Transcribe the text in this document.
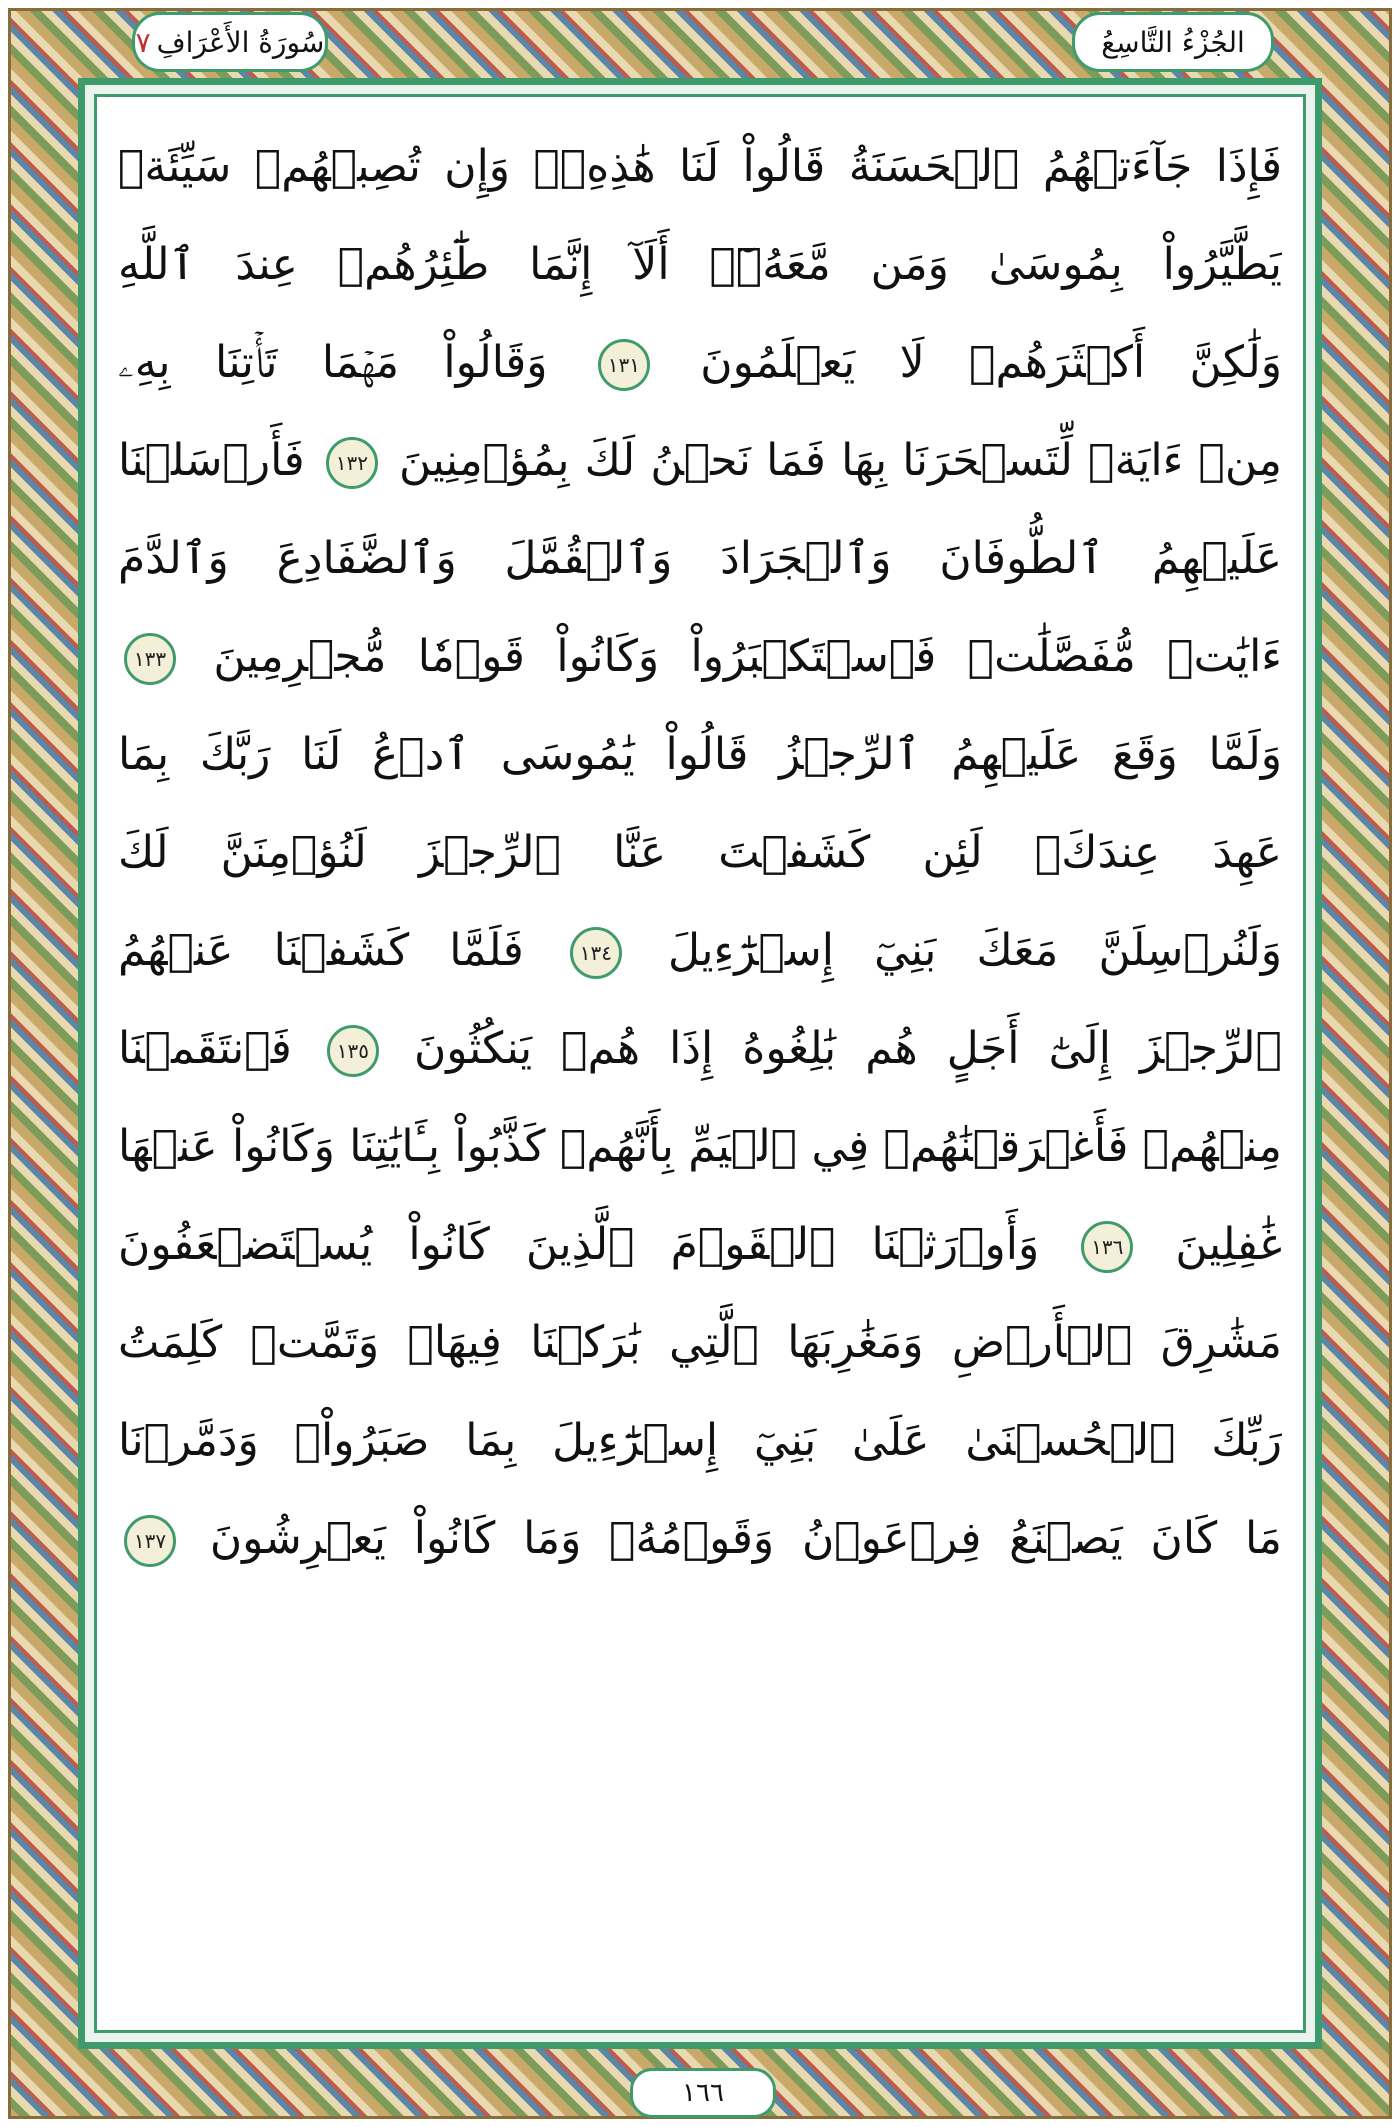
الجُزْءُ التَّاسِعُ
سُورَةُ الأَعْرَافِ
٧
فَإِذَا جَآءَتۡهُمُ ٱلۡحَسَنَةُ قَالُواْ لَنَا هَٰذِهِۦۖ وَإِن تُصِبۡهُمۡ سَيِّئَةٞ
يَطَّيَّرُواْ بِمُوسَىٰ وَمَن مَّعَهُۥٓۗ أَلَآ إِنَّمَا طَٰٓئِرُهُمۡ عِندَ ٱللَّهِ
وَلَٰكِنَّ أَكۡثَرَهُمۡ لَا يَعۡلَمُونَ ١٣١ وَقَالُواْ مَهۡمَا تَأۡتِنَا بِهِۦ
مِنۡ ءَايَةٖ لِّتَسۡحَرَنَا بِهَا فَمَا نَحۡنُ لَكَ بِمُؤۡمِنِينَ ١٣٢ فَأَرۡسَلۡنَا
عَلَيۡهِمُ ٱلطُّوفَانَ وَٱلۡجَرَادَ وَٱلۡقُمَّلَ وَٱلضَّفَادِعَ وَٱلدَّمَ
ءَايَٰتٖ مُّفَصَّلَٰتٖ فَٱسۡتَكۡبَرُواْ وَكَانُواْ قَوۡمٗا مُّجۡرِمِينَ ١٣٣
وَلَمَّا وَقَعَ عَلَيۡهِمُ ٱلرِّجۡزُ قَالُواْ يَٰمُوسَى ٱدۡعُ لَنَا رَبَّكَ بِمَا
عَهِدَ عِندَكَۖ لَئِن كَشَفۡتَ عَنَّا ٱلرِّجۡزَ لَنُؤۡمِنَنَّ لَكَ
وَلَنُرۡسِلَنَّ مَعَكَ بَنِيٓ إِسۡرَٰٓءِيلَ ١٣٤ فَلَمَّا كَشَفۡنَا عَنۡهُمُ
ٱلرِّجۡزَ إِلَىٰٓ أَجَلٍ هُم بَٰلِغُوهُ إِذَا هُمۡ يَنكُثُونَ ١٣٥ فَٱنتَقَمۡنَا
مِنۡهُمۡ فَأَغۡرَقۡنَٰهُمۡ فِي ٱلۡيَمِّ بِأَنَّهُمۡ كَذَّبُواْ بِـَٔايَٰتِنَا وَكَانُواْ عَنۡهَا
غَٰفِلِينَ ١٣٦ وَأَوۡرَثۡنَا ٱلۡقَوۡمَ ٱلَّذِينَ كَانُواْ يُسۡتَضۡعَفُونَ
مَشَٰرِقَ ٱلۡأَرۡضِ وَمَغَٰرِبَهَا ٱلَّتِي بَٰرَكۡنَا فِيهَاۖ وَتَمَّتۡ كَلِمَتُ
رَبِّكَ ٱلۡحُسۡنَىٰ عَلَىٰ بَنِيٓ إِسۡرَٰٓءِيلَ بِمَا صَبَرُواْۖ وَدَمَّرۡنَا
مَا كَانَ يَصۡنَعُ فِرۡعَوۡنُ وَقَوۡمُهُۥ وَمَا كَانُواْ يَعۡرِشُونَ ١٣٧
١٦٦
